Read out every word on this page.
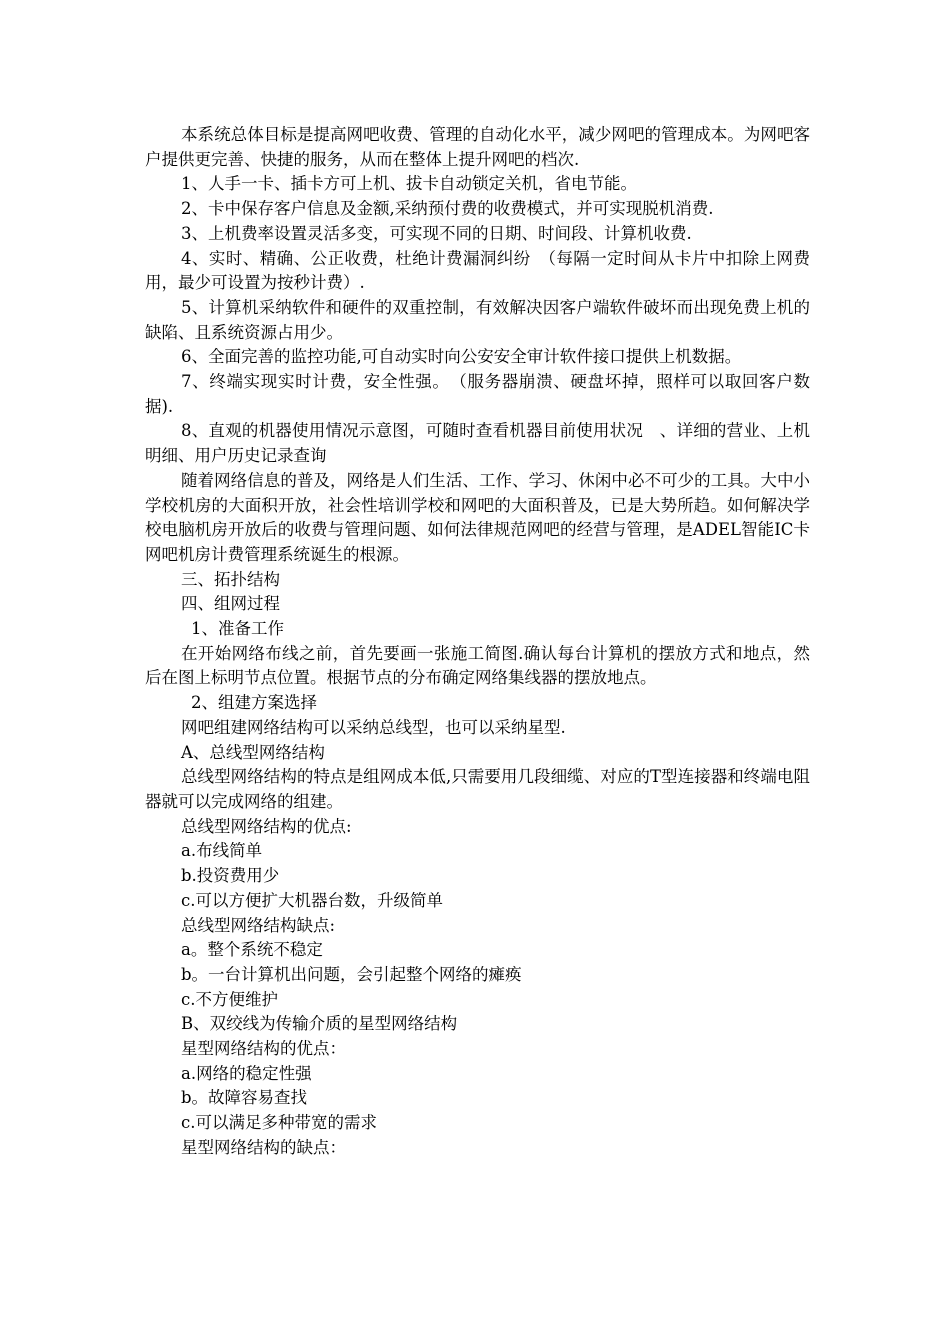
本系统总体目标是提高网吧收费、管理的自动化水平，减少网吧的管理成本。为网吧客户提供更完善、快捷的服务，从而在整体上提升网吧的档次.

1、人手一卡、插卡方可上机、拔卡自动锁定关机，省电节能。

2、卡中保存客户信息及金额,采纳预付费的收费模式，并可实现脱机消费.

3、上机费率设置灵活多变，可实现不同的日期、时间段、计算机收费.

4、实时、精确、公正收费，杜绝计费漏洞纠纷　（每隔一定时间从卡片中扣除上网费用，最少可设置为按秒计费）.

5、计算机采纳软件和硬件的双重控制，有效解决因客户端软件破坏而出现免费上机的缺陷、且系统资源占用少。

6、全面完善的监控功能,可自动实时向公安安全审计软件接口提供上机数据。

7、终端实现实时计费，安全性强。　（服务器崩溃、硬盘坏掉，照样可以取回客户数据).

8、直观的机器使用情况示意图，可随时查看机器目前使用状况　、详细的营业、上机明细、用户历史记录查询

随着网络信息的普及，网络是人们生活、工作、学习、休闲中必不可少的工具。大中小学校机房的大面积开放，社会性培训学校和网吧的大面积普及，已是大势所趋。如何解决学校电脑机房开放后的收费与管理问题、如何法律规范网吧的经营与管理，是ADEL智能IC卡网吧机房计费管理系统诞生的根源。

三、拓扑结构

四、组网过程

1、准备工作

在开始网络布线之前，首先要画一张施工简图.确认每台计算机的摆放方式和地点，然后在图上标明节点位置。根据节点的分布确定网络集线器的摆放地点。

2、组建方案选择

网吧组建网络结构可以采纳总线型，也可以采纳星型.

A、总线型网络结构

总线型网络结构的特点是组网成本低,只需要用几段细缆、对应的T型连接器和终端电阻器就可以完成网络的组建。

总线型网络结构的优点:

a.布线简单

b.投资费用少

c.可以方便扩大机器台数，升级简单

总线型网络结构缺点:

a。整个系统不稳定

b。一台计算机出问题，会引起整个网络的瘫痪

c.不方便维护

B、双绞线为传输介质的星型网络结构

星型网络结构的优点：

a.网络的稳定性强

b。故障容易查找

c.可以满足多种带宽的需求

星型网络结构的缺点：
